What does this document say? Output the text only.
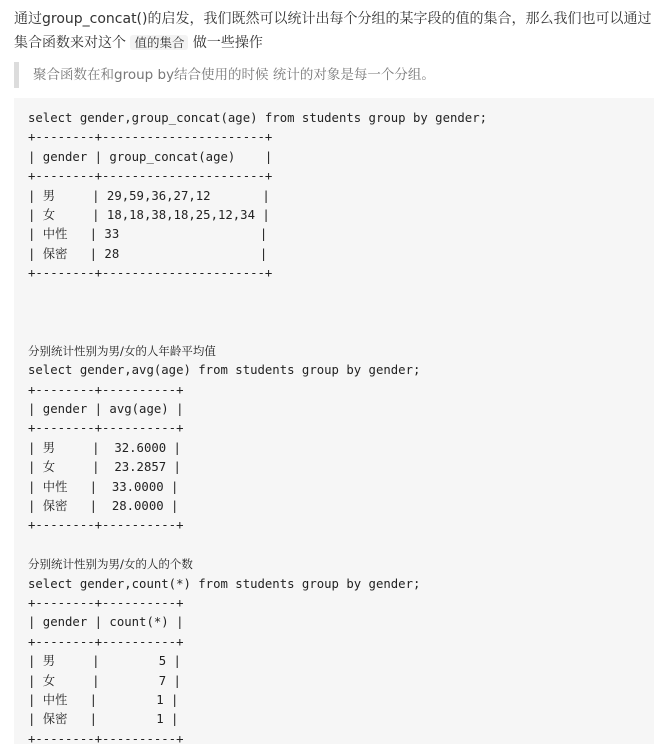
通过group_concat()的启发，我们既然可以统计出每个分组的某字段的值的集合，那么我们也可以通过集合函数来对这个 值的集合 做一些操作
聚合函数在和group by结合使用的时候 统计的对象是每一个分组。
select gender,group_concat(age) from students group by gender;
+--------+----------------------+
| gender | group_concat(age)    |
+--------+----------------------+
| 男     | 29,59,36,27,12       |
| 女     | 18,18,38,18,25,12,34 |
| 中性   | 33                   |
| 保密   | 28                   |
+--------+----------------------+
分别统计性别为男/女的人年龄平均值
select gender,avg(age) from students group by gender;
+--------+----------+
| gender | avg(age) |
+--------+----------+
| 男     |  32.6000 |
| 女     |  23.2857 |
| 中性   |  33.0000 |
| 保密   |  28.0000 |
+--------+----------+
分别统计性别为男/女的人的个数
select gender,count(*) from students group by gender;
+--------+----------+
| gender | count(*) |
+--------+----------+
| 男     |        5 |
| 女     |        7 |
| 中性   |        1 |
| 保密   |        1 |
+--------+----------+
